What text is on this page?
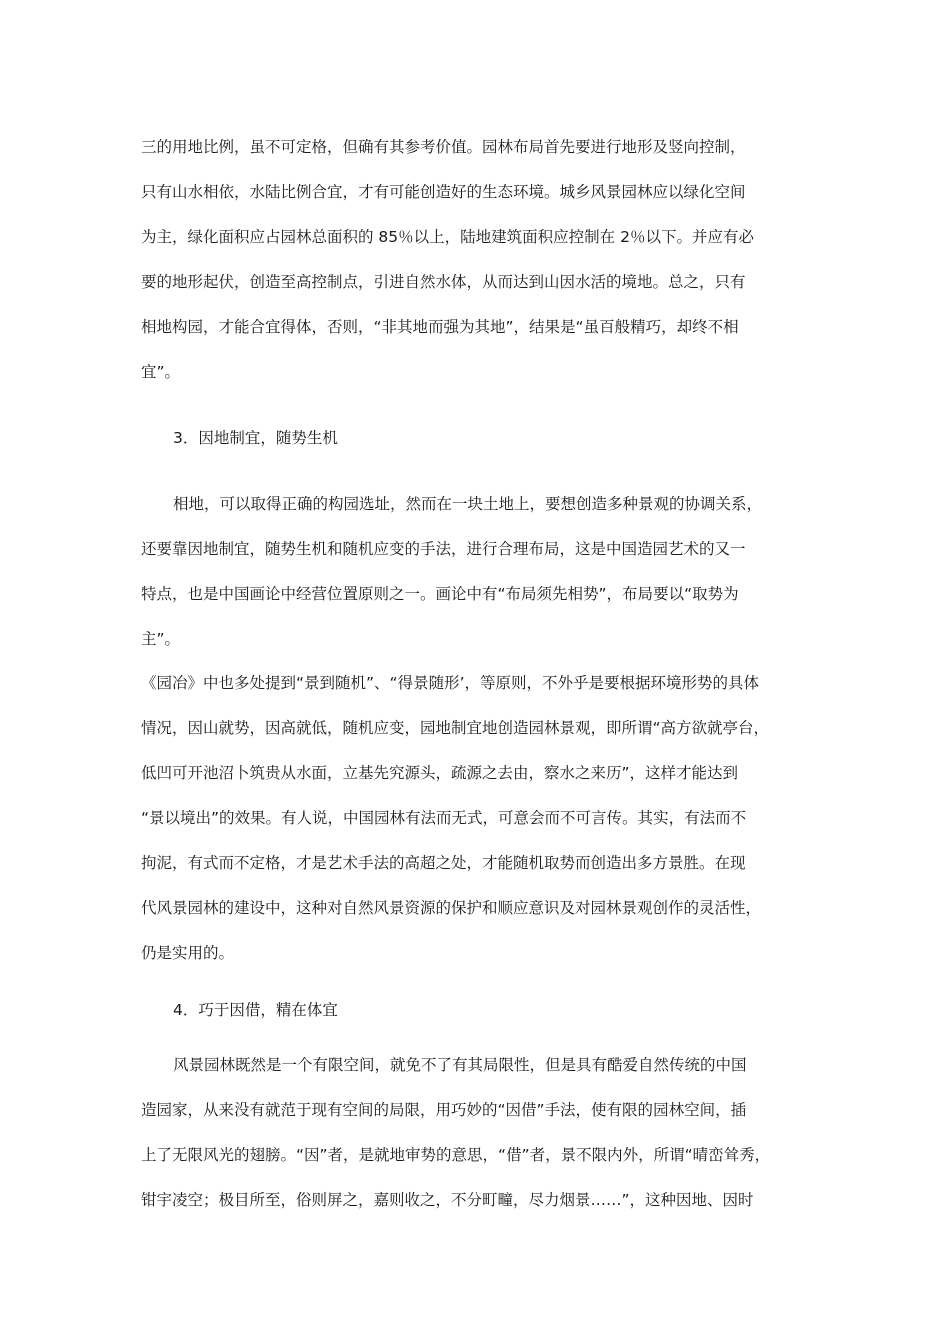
三的用地比例，虽不可定格，但确有其参考价值。园林布局首先要进行地形及竖向控制，
只有山水相依，水陆比例合宜，才有可能创造好的生态环境。城乡风景园林应以绿化空间
为主，绿化面积应占园林总面积的 85％以上，陆地建筑面积应控制在 2％以下。并应有必
要的地形起伏，创造至高控制点，引进自然水体，从而达到山因水活的境地。总之，只有
相地构园，才能合宜得体，否则，“非其地而强为其地”，结果是“虽百般精巧，却终不相
宜”。
3．因地制宜，随势生机
相地，可以取得正确的构园选址，然而在一块土地上，要想创造多种景观的协调关系，
还要靠因地制宜，随势生机和随机应变的手法，进行合理布局，这是中国造园艺术的又一
特点，也是中国画论中经营位置原则之一。画论中有“布局须先相势”，布局要以“取势为
主”。
《园冶》中也多处提到“景到随机”、“得景随形’，等原则，不外乎是要根据环境形势的具体
情况，因山就势，因高就低，随机应变，园地制宜地创造园林景观，即所谓“高方欲就亭台，
低凹可开池沼卜筑贵从水面，立基先究源头，疏源之去由，察水之来历”，这样才能达到
“景以境出”的效果。有人说，中国园林有法而无式，可意会而不可言传。其实，有法而不
拘泥，有式而不定格，才是艺术手法的高超之处，才能随机取势而创造出多方景胜。在现
代风景园林的建设中，这种对自然风景资源的保护和顺应意识及对园林景观创作的灵活性，
仍是实用的。
4．巧于因借，精在体宜
风景园林既然是一个有限空间，就免不了有其局限性，但是具有酷爱自然传统的中国
造园家，从来没有就范于现有空间的局限，用巧妙的“因借”手法，使有限的园林空间，插
上了无限风光的翅膀。“因”者，是就地审势的意思，“借”者，景不限内外，所谓“晴峦耸秀，
钳宇凌空；极目所至，俗则屏之，嘉则收之，不分町疃，尽力烟景……”，这种因地、因时
